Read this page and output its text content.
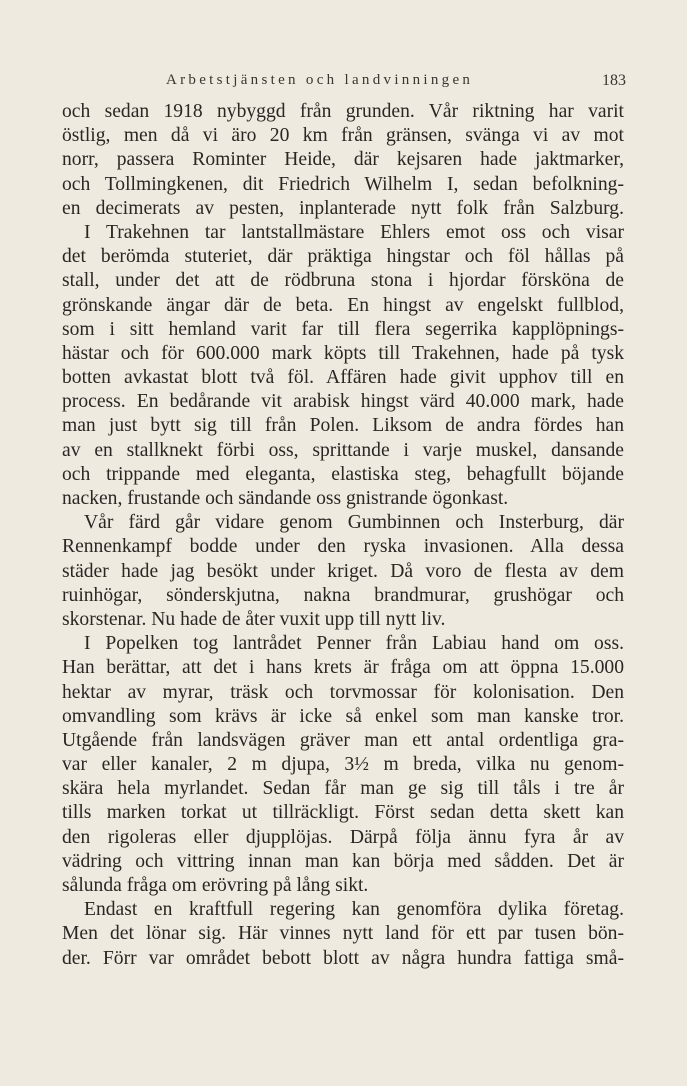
Arbetstjänsten och landvinningen	183

och sedan 1918 nybyggd från grunden. Vår riktning har varit
östlig, men då vi äro 20 km från gränsen, svänga vi av mot
norr, passera Rominter Heide, där kejsaren hade jaktmarker,
och Tollmingkenen, dit Friedrich Wilhelm I, sedan befolkning-
en decimerats av pesten, inplanterade nytt folk från Salzburg.

I Trakehnen tar lantstallmästare Ehlers emot oss och visar
det berömda stuteriet, där präktiga hingstar och föl hållas på
stall, under det att de rödbruna stona i hjordar försköna de
grönskande ängar där de beta. En hingst av engelskt fullblod,
som i sitt hemland varit far till flera segerrika kapplöpnings-
hästar och för 600.000 mark köpts till Trakehnen, hade på tysk
botten avkastat blott två föl. Affären hade givit upphov till en
process. En bedårande vit arabisk hingst värd 40.000 mark, hade
man just bytt sig till från Polen. Liksom de andra fördes han
av en stallknekt förbi oss, sprittande i varje muskel, dansande
och trippande med eleganta, elastiska steg, behagfullt böjande
nacken, frustande och sändande oss gnistrande ögonkast.

Vår färd går vidare genom Gumbinnen och Insterburg, där
Rennenkampf bodde under den ryska invasionen. Alla dessa
städer hade jag besökt under kriget. Då voro de flesta av dem
ruinhögar, sönderskjutna, nakna brandmurar, grushögar och
skorstenar. Nu hade de åter vuxit upp till nytt liv.

I Popelken tog lantrådet Penner från Labiau hand om oss.
Han berättar, att det i hans krets är fråga om att öppna 15.000
hektar av myrar, träsk och torvmossar för kolonisation. Den
omvandling som krävs är icke så enkel som man kanske tror.
Utgående från landsvägen gräver man ett antal ordentliga gra-
var eller kanaler, 2 m djupa, 3½ m breda, vilka nu genom-
skära hela myrlandet. Sedan får man ge sig till tåls i tre år
tills marken torkat ut tillräckligt. Först sedan detta skett kan
den rigoleras eller djupplöjas. Därpå följa ännu fyra år av
vädring och vittring innan man kan börja med sådden. Det är
sålunda fråga om erövring på lång sikt.

Endast en kraftfull regering kan genomföra dylika företag.
Men det lönar sig. Här vinnes nytt land för ett par tusen bön-
der. Förr var området bebott blott av några hundra fattiga små-
